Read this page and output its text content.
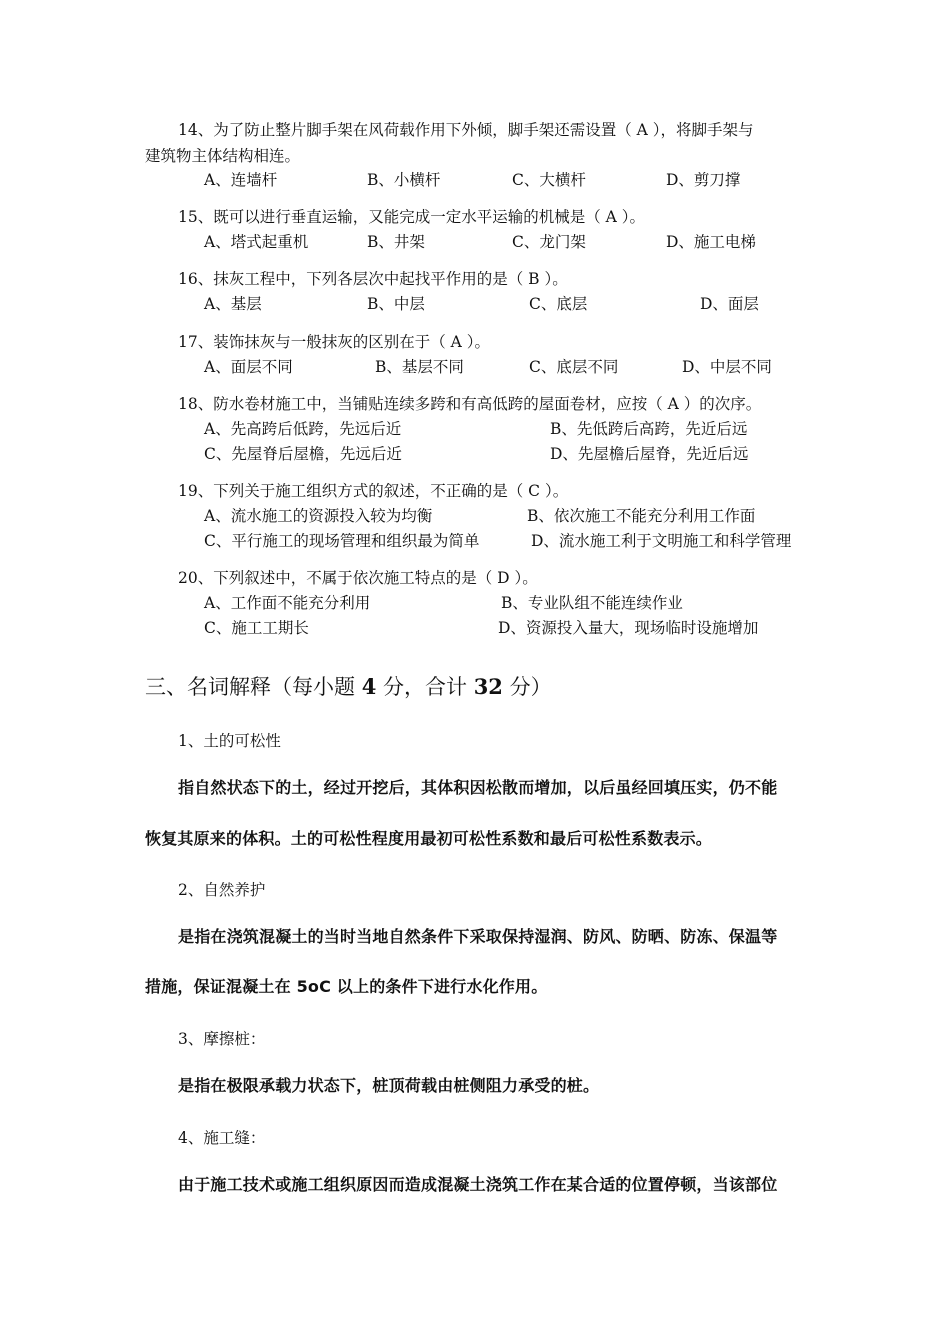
14、为了防止整片脚手架在风荷载作用下外倾，脚手架还需设置（ A ），将脚手架与
建筑物主体结构相连。
A、连墙杆	B、小横杆	C、大横杆	D、剪刀撑
15、既可以进行垂直运输，又能完成一定水平运输的机械是（ A ）。
A、塔式起重机	B、井架	C、龙门架	D、施工电梯
16、抹灰工程中，下列各层次中起找平作用的是（ B ）。
A、基层	B、中层	C、底层	D、面层
17、装饰抹灰与一般抹灰的区别在于（ A ）。
A、面层不同	B、基层不同	C、底层不同	D、中层不同
18、防水卷材施工中，当铺贴连续多跨和有高低跨的屋面卷材，应按（ A ）的次序。
A、先高跨后低跨，先远后近	B、先低跨后高跨，先近后远
C、先屋脊后屋檐，先远后近	D、先屋檐后屋脊，先近后远
19、下列关于施工组织方式的叙述，不正确的是（ C ）。
A、流水施工的资源投入较为均衡	B、依次施工不能充分利用工作面
C、平行施工的现场管理和组织最为简单	D、流水施工利于文明施工和科学管理
20、下列叙述中，不属于依次施工特点的是（ D ）。
A、工作面不能充分利用	B、专业队组不能连续作业
C、施工工期长	D、资源投入量大，现场临时设施增加
三、名词解释（每小题 4 分，合计 32 分）
1、土的可松性
指自然状态下的土，经过开挖后，其体积因松散而增加，以后虽经回填压实，仍不能
恢复其原来的体积。土的可松性程度用最初可松性系数和最后可松性系数表示。
2、自然养护
是指在浇筑混凝土的当时当地自然条件下采取保持湿润、防风、防晒、防冻、保温等
措施，保证混凝土在 5oC 以上的条件下进行水化作用。
3、摩擦桩：
是指在极限承载力状态下，桩顶荷载由桩侧阻力承受的桩。
4、施工缝：
由于施工技术或施工组织原因而造成混凝土浇筑工作在某合适的位置停顿，当该部位
